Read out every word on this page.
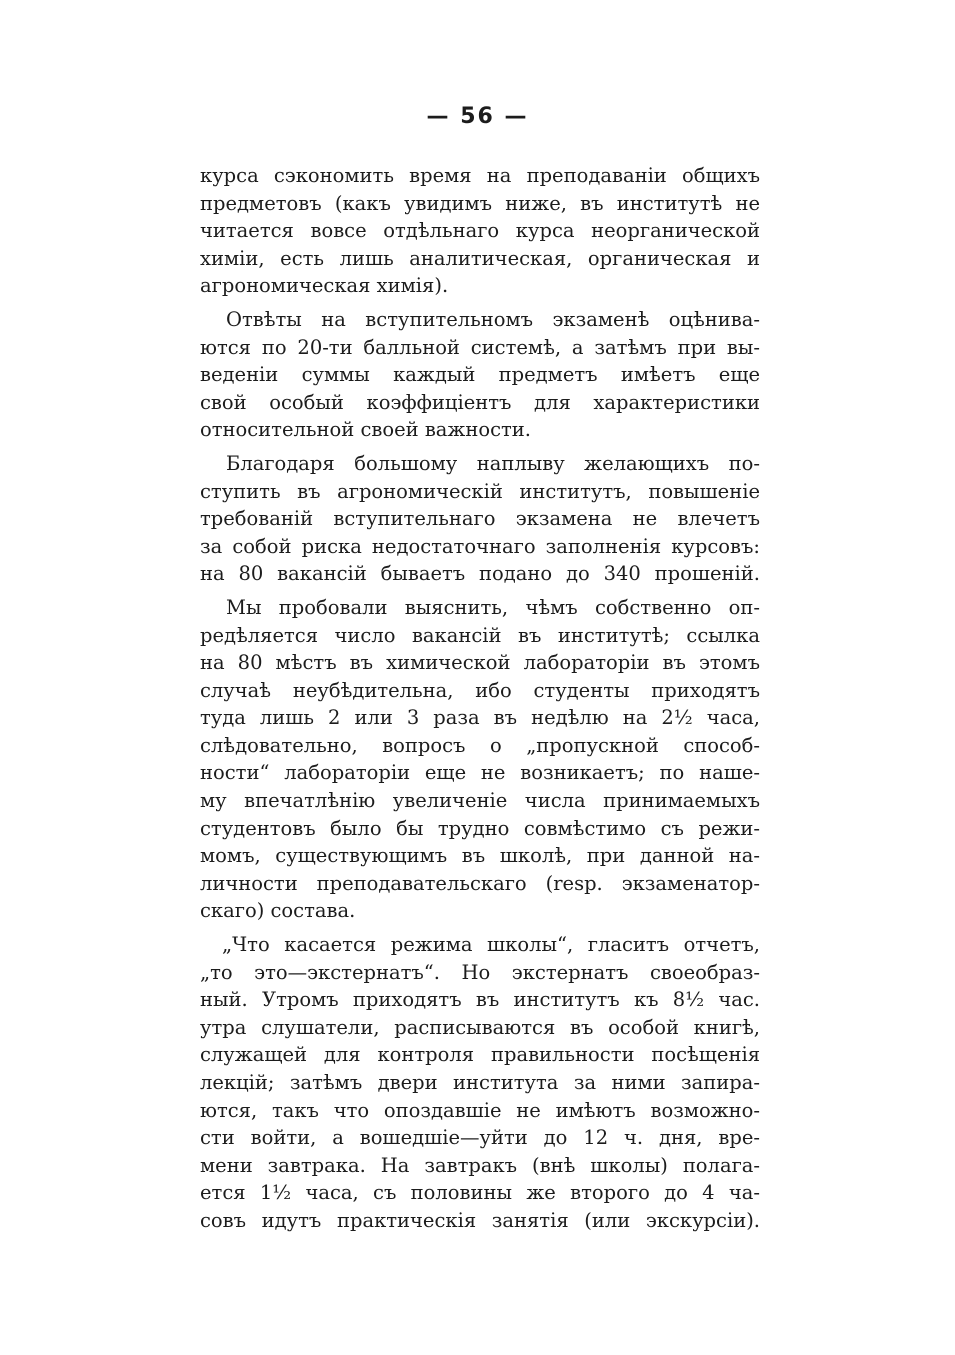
— 56 —
курса сэкономить время на преподаваніи общихъ
предметовъ (какъ увидимъ ниже, въ институтѣ не
читается вовсе отдѣльнаго курса неорганической
химіи, есть лишь аналитическая, органическая и
агрономическая химія).
Отвѣты на вступительномъ экзаменѣ оцѣнива-
ются по 20-ти балльной системѣ, а затѣмъ при вы-
веденіи суммы каждый предметъ имѣетъ еще
свой особый коэффиціентъ для характеристики
относительной своей важности.
Благодаря большому наплыву желающихъ по-
ступить въ агрономическій институтъ, повышеніе
требованій вступительнаго экзамена не влечетъ
за собой риска недостаточнаго заполненія курсовъ:
на 80 вакансій бываетъ подано до 340 прошеній.
Мы пробовали выяснить, чѣмъ собственно оп-
редѣляется число вакансій въ институтѣ; ссылка
на 80 мѣстъ въ химической лабораторіи въ этомъ
случаѣ неубѣдительна, ибо студенты приходятъ
туда лишь 2 или 3 раза въ недѣлю на 2½ часа,
слѣдовательно, вопросъ о „пропускной способ-
ности“ лабораторіи еще не возникаетъ; по наше-
му впечатлѣнію увеличеніе числа принимаемыхъ
студентовъ было бы трудно совмѣстимо съ режи-
момъ, существующимъ въ школѣ, при данной на-
личности преподавательскаго (resp. экзаменатор-
скаго) состава.
„Что касается режима школы“, гласитъ отчетъ,
„то это—экстернатъ“. Но экстернатъ своеобраз-
ный. Утромъ приходятъ въ институтъ къ 8½ час.
утра слушатели, расписываются въ особой книгѣ,
служащей для контроля правильности посѣщенія
лекцій; затѣмъ двери института за ними запира-
ются, такъ что опоздавшіе не имѣютъ возможно-
сти войти, а вошедшіе—уйти до 12 ч. дня, вре-
мени завтрака. На завтракъ (внѣ школы) полага-
ется 1½ часа, съ половины же второго до 4 ча-
совъ идутъ практическія занятія (или экскурсіи).
